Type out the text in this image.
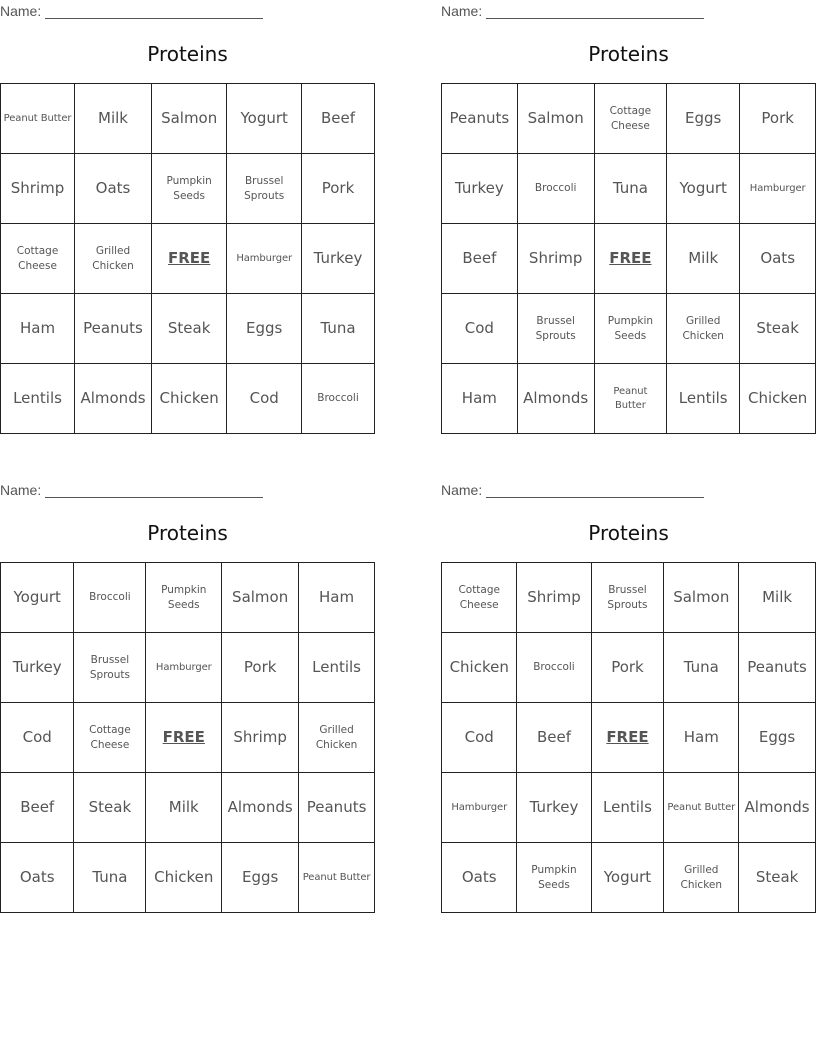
Name:
Proteins
Peanut Butter	Milk	Salmon	Yogurt	Beef
Shrimp	Oats	Pumpkin Seeds	Brussel Sprouts	Pork
Cottage Cheese	Grilled Chicken	FREE	Hamburger	Turkey
Ham	Peanuts	Steak	Eggs	Tuna
Lentils	Almonds	Chicken	Cod	Broccoli
Name:
Proteins
Peanuts	Salmon	Cottage Cheese	Eggs	Pork
Turkey	Broccoli	Tuna	Yogurt	Hamburger
Beef	Shrimp	FREE	Milk	Oats
Cod	Brussel Sprouts	Pumpkin Seeds	Grilled Chicken	Steak
Ham	Almonds	Peanut Butter	Lentils	Chicken
Name:
Proteins
Yogurt	Broccoli	Pumpkin Seeds	Salmon	Ham
Turkey	Brussel Sprouts	Hamburger	Pork	Lentils
Cod	Cottage Cheese	FREE	Shrimp	Grilled Chicken
Beef	Steak	Milk	Almonds	Peanuts
Oats	Tuna	Chicken	Eggs	Peanut Butter
Name:
Proteins
Cottage Cheese	Shrimp	Brussel Sprouts	Salmon	Milk
Chicken	Broccoli	Pork	Tuna	Peanuts
Cod	Beef	FREE	Ham	Eggs
Hamburger	Turkey	Lentils	Peanut Butter	Almonds
Oats	Pumpkin Seeds	Yogurt	Grilled Chicken	Steak
